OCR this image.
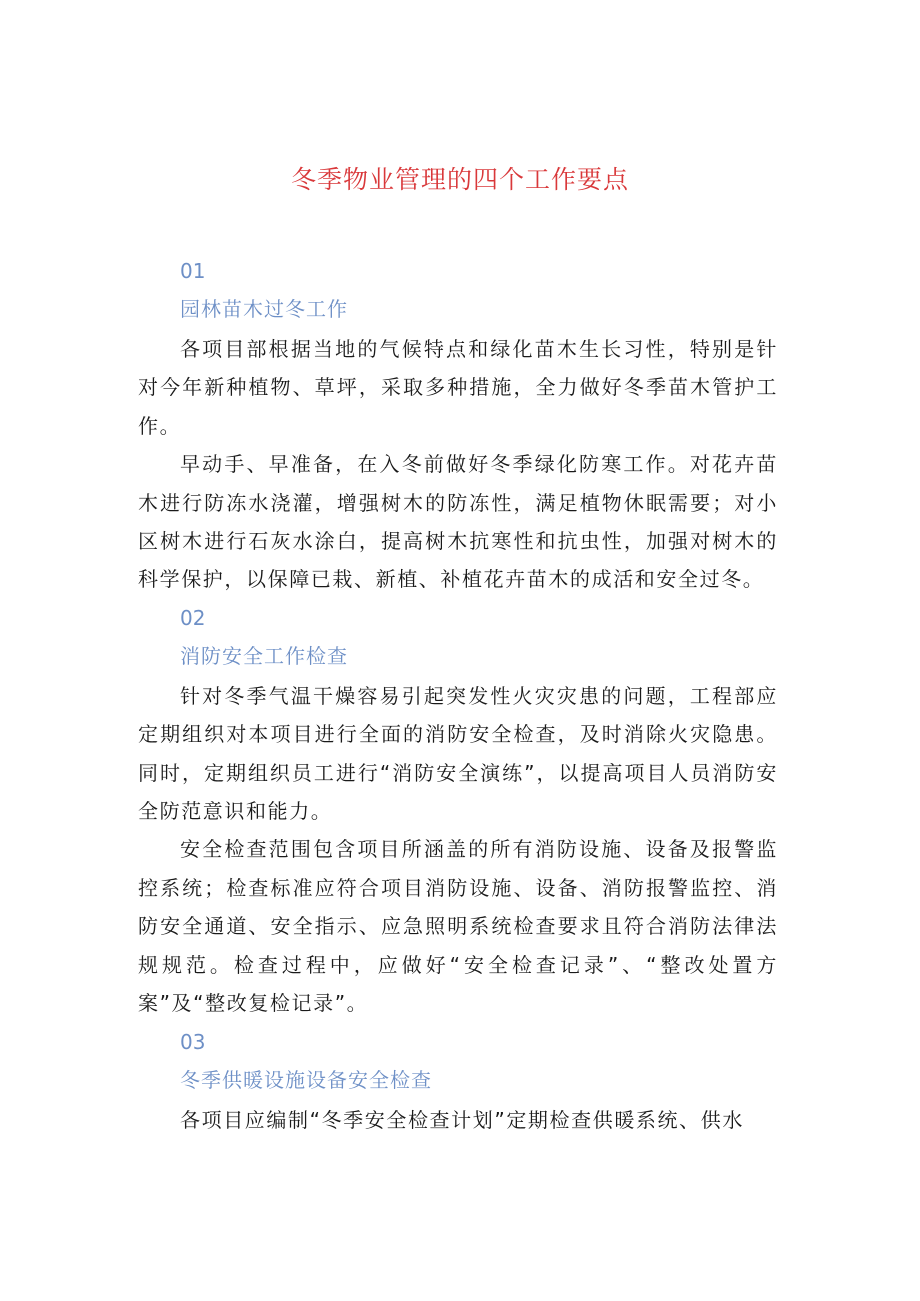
冬季物业管理的四个工作要点

01

园林苗木过冬工作

各项目部根据当地的气候特点和绿化苗木生长习性，特别是针对今年新种植物、草坪，采取多种措施，全力做好冬季苗木管护工作。

早动手、早准备，在入冬前做好冬季绿化防寒工作。对花卉苗木进行防冻水浇灌，增强树木的防冻性，满足植物休眠需要；对小区树木进行石灰水涂白，提高树木抗寒性和抗虫性，加强对树木的科学保护，以保障已栽、新植、补植花卉苗木的成活和安全过冬。

02

消防安全工作检查

针对冬季气温干燥容易引起突发性火灾灾患的问题，工程部应定期组织对本项目进行全面的消防安全检查，及时消除火灾隐患。同时，定期组织员工进行“消防安全演练”，以提高项目人员消防安全防范意识和能力。

安全检查范围包含项目所涵盖的所有消防设施、设备及报警监控系统；检查标准应符合项目消防设施、设备、消防报警监控、消防安全通道、安全指示、应急照明系统检查要求且符合消防法律法规规范。检查过程中，应做好“安全检查记录”、“整改处置方案”及“整改复检记录”。

03

冬季供暖设施设备安全检查

各项目应编制“冬季安全检查计划”定期检查供暖系统、供水
